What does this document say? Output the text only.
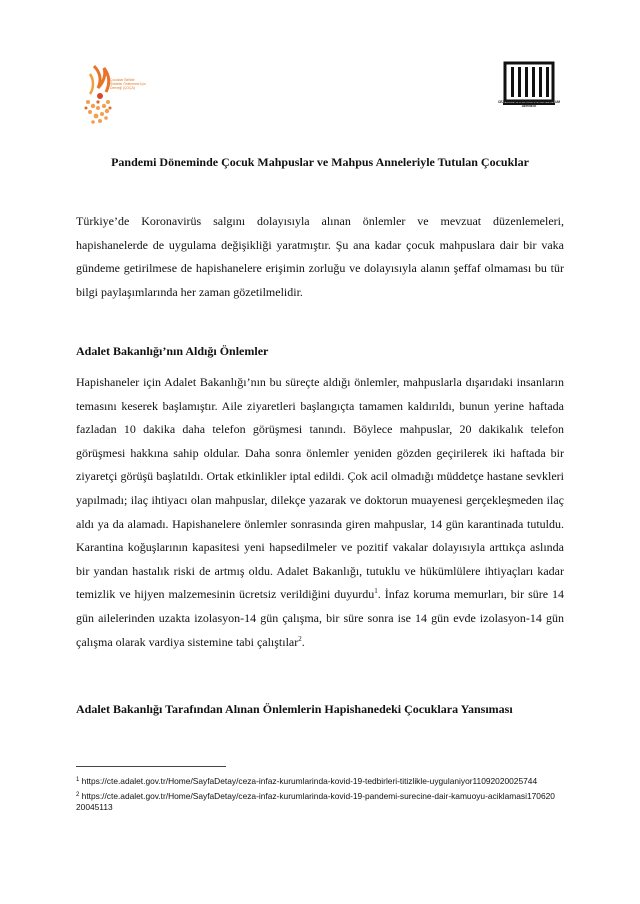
Çocuklar Birlikte Şiddetin Önlenmesi İçin Derneği (ÇOÇA)
CEZA İNFAZ SİSTEMİNDE SİVİL TOPLUM DERNEĞİ
Pandemi Döneminde Çocuk Mahpuslar ve Mahpus Anneleriyle Tutulan Çocuklar

Türkiye’de Koronavirüs salgını dolayısıyla alınan önlemler ve mevzuat düzenlemeleri, hapishanelerde de uygulama değişikliği yaratmıştır. Şu ana kadar çocuk mahpuslara dair bir vaka gündeme getirilmese de hapishanelere erişimin zorluğu ve dolayısıyla alanın şeffaf olmaması bu tür bilgi paylaşımlarında her zaman gözetilmelidir.

Adalet Bakanlığı’nın Aldığı Önlemler

Hapishaneler için Adalet Bakanlığı’nın bu süreçte aldığı önlemler, mahpuslarla dışarıdaki insanların temasını keserek başlamıştır. Aile ziyaretleri başlangıçta tamamen kaldırıldı, bunun yerine haftada fazladan 10 dakika daha telefon görüşmesi tanındı. Böylece mahpuslar, 20 dakikalık telefon görüşmesi hakkına sahip oldular. Daha sonra önlemler yeniden gözden geçirilerek iki haftada bir ziyaretçi görüşü başlatıldı. Ortak etkinlikler iptal edildi. Çok acil olmadığı müddetçe hastane sevkleri yapılmadı; ilaç ihtiyacı olan mahpuslar, dilekçe yazarak ve doktorun muayenesi gerçekleşmeden ilaç aldı ya da alamadı. Hapishanelere önlemler sonrasında giren mahpuslar, 14 gün karantinada tutuldu. Karantina koğuşlarının kapasitesi yeni hapsedilmeler ve pozitif vakalar dolayısıyla arttıkça aslında bir yandan hastalık riski de artmış oldu. Adalet Bakanlığı, tutuklu ve hükümlülere ihtiyaçları kadar temizlik ve hijyen malzemesinin ücretsiz verildiğini duyurdu$^1$. İnfaz koruma memurları, bir süre 14 gün ailelerinden uzakta izolasyon-14 gün çalışma, bir süre sonra ise 14 gün evde izolasyon-14 gün çalışma olarak vardiya sistemine tabi çalıştılar$^2$.

Adalet Bakanlığı Tarafından Alınan Önlemlerin Hapishanedeki Çocuklara Yansıması

$^1$ https://cte.adalet.gov.tr/Home/SayfaDetay/ceza-infaz-kurumlarinda-kovid-19-tedbirleri-titizlikle-uygulaniyor11092020025744

$^2$ https://cte.adalet.gov.tr/Home/SayfaDetay/ceza-infaz-kurumlarinda-kovid-19-pandemi-surecine-dair-kamuoyu-aciklamasi17062020045113
